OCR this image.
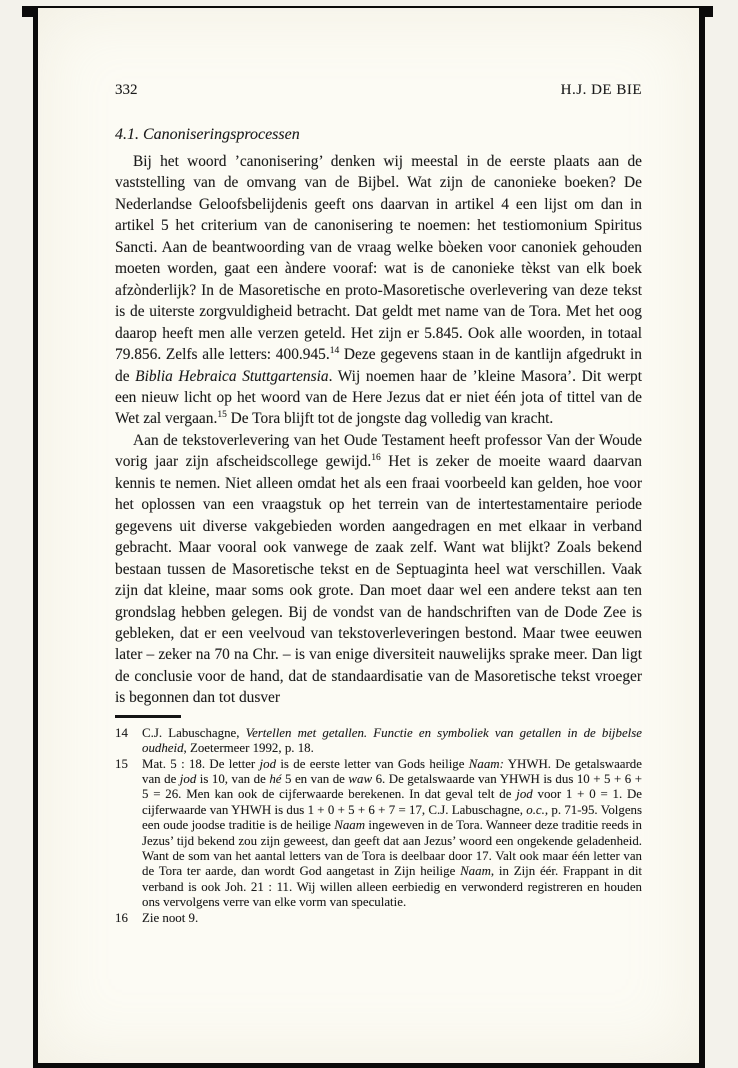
332	H.J. DE BIE
4.1. Canoniseringsprocessen

Bij het woord ’canonisering’ denken wij meestal in de eerste plaats aan de vaststelling van de omvang van de Bijbel. Wat zijn de canonieke boeken? De Nederlandse Geloofsbelijdenis geeft ons daarvan in artikel 4 een lijst om dan in artikel 5 het criterium van de canonisering te noemen: het testiomonium Spiritus Sancti. Aan de beantwoording van de vraag welke bòeken voor canoniek gehouden moeten worden, gaat een àndere vooraf: wat is de canonieke tèkst van elk boek afzònderlijk? In de Masoretische en proto-Masoretische overlevering van deze tekst is de uiterste zorgvuldigheid betracht. Dat geldt met name van de Tora. Met het oog daarop heeft men alle verzen geteld. Het zijn er 5.845. Ook alle woorden, in totaal 79.856. Zelfs alle letters: 400.945.14 Deze gegevens staan in de kantlijn afgedrukt in de Biblia Hebraica Stuttgartensia. Wij noemen haar de ’kleine Masora’. Dit werpt een nieuw licht op het woord van de Here Jezus dat er niet één jota of tittel van de Wet zal vergaan.$^{15}$ De Tora blijft tot de jongste dag volledig van kracht.

Aan de tekstoverlevering van het Oude Testament heeft professor Van der Woude vorig jaar zijn afscheidscollege gewijd.$^{16}$ Het is zeker de moeite waard daarvan kennis te nemen. Niet alleen omdat het als een fraai voorbeeld kan gelden, hoe voor het oplossen van een vraagstuk op het terrein van de intertestamentaire periode gegevens uit diverse vakgebieden worden aangedragen en met elkaar in verband gebracht. Maar vooral ook vanwege de zaak zelf. Want wat blijkt? Zoals bekend bestaan tussen de Masoretische tekst en de Septuaginta heel wat verschillen. Vaak zijn dat kleine, maar soms ook grote. Dan moet daar wel een andere tekst aan ten grondslag hebben gelegen. Bij de vondst van de handschriften van de Dode Zee is gebleken, dat er een veelvoud van tekstoverleveringen bestond. Maar twee eeuwen later – zeker na 70 na Chr. – is van enige diversiteit nauwelijks sprake meer. Dan ligt de conclusie voor de hand, dat de standaardisatie van de Masoretische tekst vroeger is begonnen dan tot dusver

14	C.J. Labuschagne, Vertellen met getallen. Functie en symboliek van getallen in de bijbelse oudheid, Zoetermeer 1992, p. 18.
15	Mat. 5 : 18. De letter jod is de eerste letter van Gods heilige Naam: YHWH. De getalswaarde van de jod is 10, van de hé 5 en van de waw 6. De getalswaarde van YHWH is dus 10 + 5 + 6 + 5 = 26. Men kan ook de cijferwaarde berekenen. In dat geval telt de jod voor 1 + 0 = 1. De cijferwaarde van YHWH is dus 1 + 0 + 5 + 6 + 7 = 17, C.J. Labuschagne, o.c., p. 71-95. Volgens een oude joodse traditie is de heilige Naam ingeweven in de Tora. Wanneer deze traditie reeds in Jezus’ tijd bekend zou zijn geweest, dan geeft dat aan Jezus’ woord een ongekende geladenheid. Want de som van het aantal letters van de Tora is deelbaar door 17. Valt ook maar één letter van de Tora ter aarde, dan wordt God aangetast in Zijn heilige Naam, in Zijn éér. Frappant in dit verband is ook Joh. 21 : 11. Wij willen alleen eerbiedig en verwonderd registreren en houden ons vervolgens verre van elke vorm van speculatie.
16	Zie noot 9.
